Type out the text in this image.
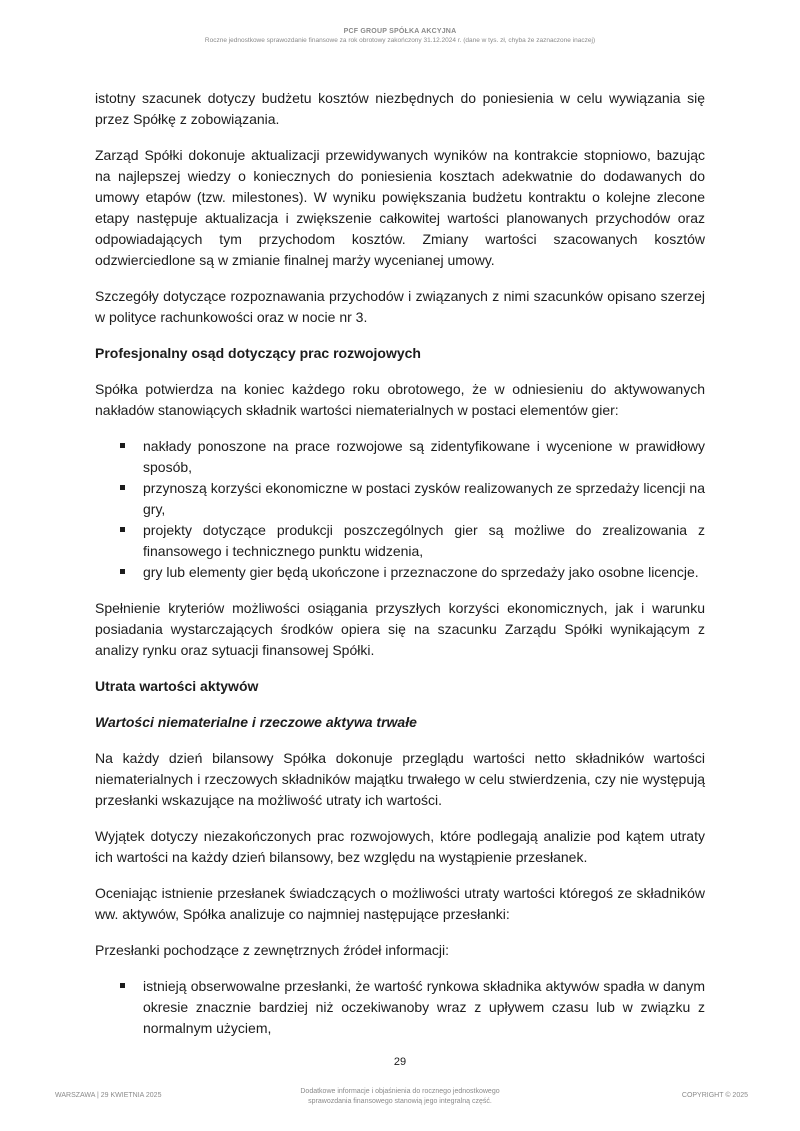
PCF GROUP SPÓŁKA AKCYJNA
Roczne jednostkowe sprawozdanie finansowe za rok obrotowy zakończony 31.12.2024 r. (dane w tys. zł, chyba że zaznaczone inaczej)

istotny szacunek dotyczy budżetu kosztów niezbędnych do poniesienia w celu wywiązania się przez Spółkę z zobowiązania.

Zarząd Spółki dokonuje aktualizacji przewidywanych wyników na kontrakcie stopniowo, bazując na najlepszej wiedzy o koniecznych do poniesienia kosztach adekwatnie do dodawanych do umowy etapów (tzw. milestones). W wyniku powiększania budżetu kontraktu o kolejne zlecone etapy następuje aktualizacja i zwiększenie całkowitej wartości planowanych przychodów oraz odpowiadających tym przychodom kosztów. Zmiany wartości szacowanych kosztów odzwierciedlone są w zmianie finalnej marży wycenianej umowy.

Szczegóły dotyczące rozpoznawania przychodów i związanych z nimi szacunków opisano szerzej w polityce rachunkowości oraz w nocie nr 3.

Profesjonalny osąd dotyczący prac rozwojowych

Spółka potwierdza na koniec każdego roku obrotowego, że w odniesieniu do aktywowanych nakładów stanowiących składnik wartości niematerialnych w postaci elementów gier:

nakłady ponoszone na prace rozwojowe są zidentyfikowane i wycenione w prawidłowy sposób,
przynoszą korzyści ekonomiczne w postaci zysków realizowanych ze sprzedaży licencji na gry,
projekty dotyczące produkcji poszczególnych gier są możliwe do zrealizowania z finansowego i technicznego punktu widzenia,
gry lub elementy gier będą ukończone i przeznaczone do sprzedaży jako osobne licencje.

Spełnienie kryteriów możliwości osiągania przyszłych korzyści ekonomicznych, jak i warunku posiadania wystarczających środków opiera się na szacunku Zarządu Spółki wynikającym z analizy rynku oraz sytuacji finansowej Spółki.

Utrata wartości aktywów
Wartości niematerialne i rzeczowe aktywa trwałe

Na każdy dzień bilansowy Spółka dokonuje przeglądu wartości netto składników wartości niematerialnych i rzeczowych składników majątku trwałego w celu stwierdzenia, czy nie występują przesłanki wskazujące na możliwość utraty ich wartości.

Wyjątek dotyczy niezakończonych prac rozwojowych, które podlegają analizie pod kątem utraty ich wartości na każdy dzień bilansowy, bez względu na wystąpienie przesłanek.

Oceniając istnienie przesłanek świadczących o możliwości utraty wartości któregoś ze składników ww. aktywów, Spółka analizuje co najmniej następujące przesłanki:

Przesłanki pochodzące z zewnętrznych źródeł informacji:

istnieją obserwowalne przesłanki, że wartość rynkowa składnika aktywów spadła w danym okresie znacznie bardziej niż oczekiwanoby wraz z upływem czasu lub w związku z normalnym użyciem,
29
WARSZAWA | 29 KWIETNIA 2025
Dodatkowe informacje i objaśnienia do rocznego jednostkowego
sprawozdania finansowego stanowią jego integralną część.
COPYRIGHT © 2025
